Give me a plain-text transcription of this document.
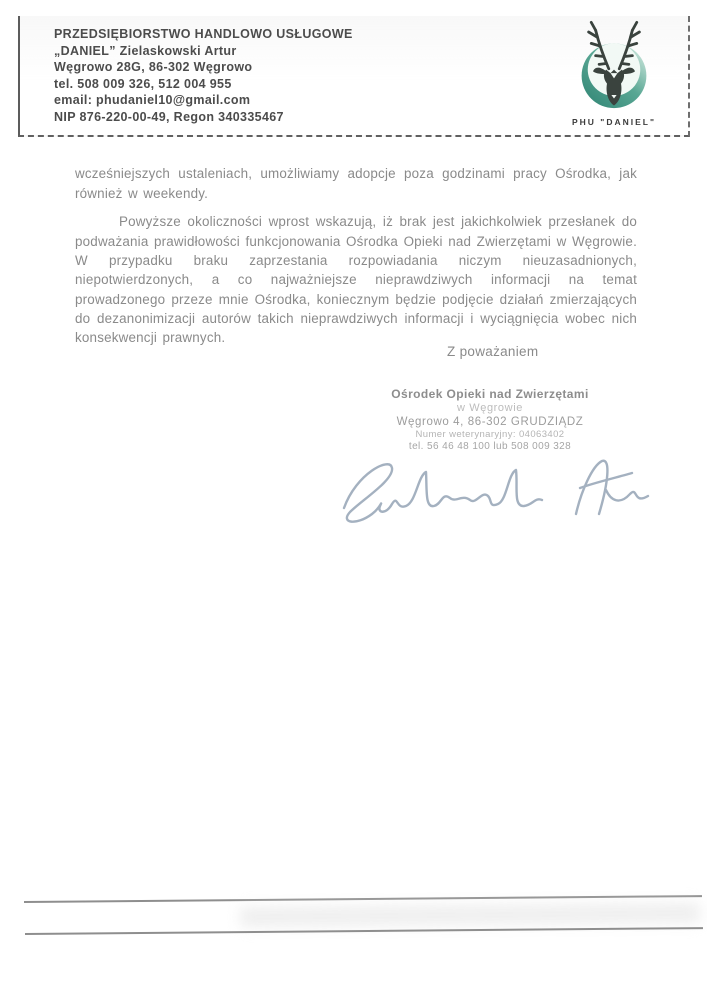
PRZEDSIĘBIORSTWO HANDLOWO USŁUGOWE
„DANIEL” Zielaskowski Artur
Węgrowo 28G, 86-302 Węgrowo
tel. 508 009 326, 512 004 955
email: phudaniel10@gmail.com
NIP 876-220-00-49, Regon 340335467	PHU "DANIEL"

wcześniejszych ustaleniach, umożliwiamy adopcje poza godzinami pracy Ośrodka, jak również w weekendy.

Powyższe okoliczności wprost wskazują, iż brak jest jakichkolwiek przesłanek do podważania prawidłowości funkcjonowania Ośrodka Opieki nad Zwierzętami w Węgrowie. W przypadku braku zaprzestania rozpowiadania niczym nieuzasadnionych, niepotwierdzonych, a co najważniejsze nieprawdziwych informacji na temat prowadzonego przeze mnie Ośrodka, koniecznym będzie podjęcie działań zmierzających do dezanonimizacji autorów takich nieprawdziwych informacji i wyciągnięcia wobec nich konsekwencji prawnych.

Z poważaniem
Ośrodek Opieki nad Zwierzętami
w Węgrowie
Węgrowo 4, 86-302 GRUDZIĄDZ
Numer weterynaryjny: 04063402
tel. 56 46 48 100 lub 508 009 328
